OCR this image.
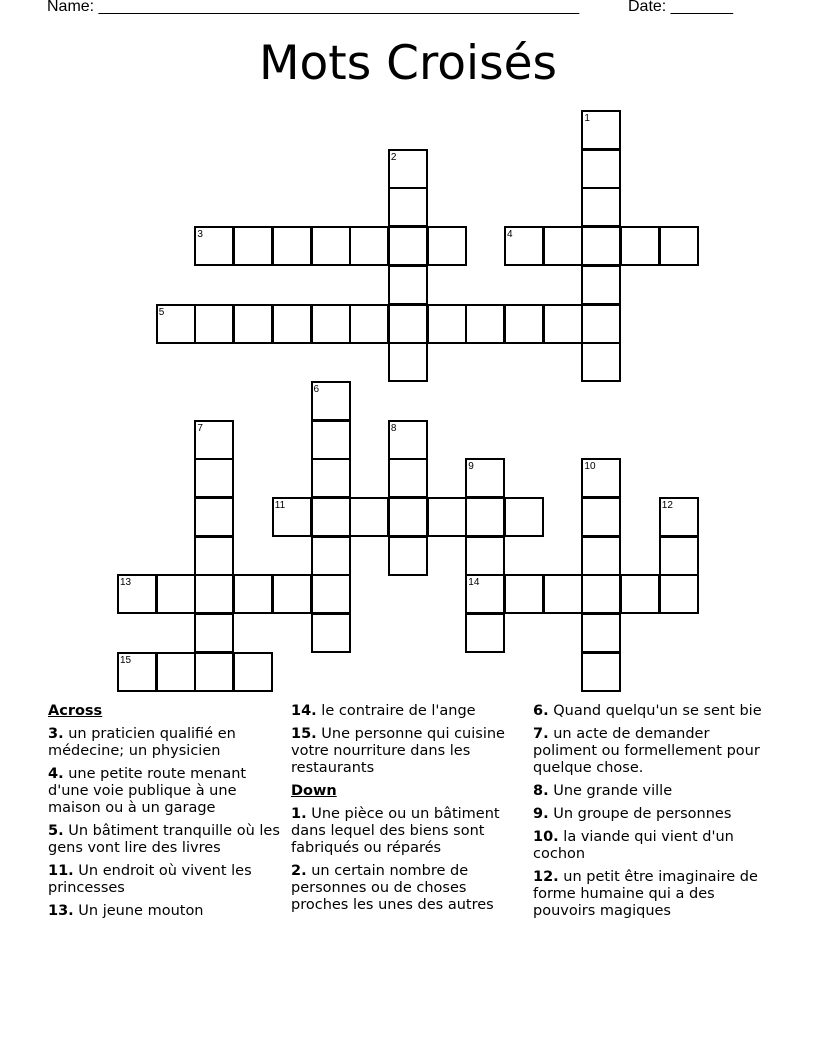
Name: ______________________________________________________	Date: _______
Mots Croisés
1
2
3	4
5
6
7	8
9	10
11	12
13	14
15
Across
3. un praticien qualifié en médecine; un physicien
4. une petite route menant d'une voie publique à une maison ou à un garage
5. Un bâtiment tranquille où les gens vont lire des livres
11. Un endroit où vivent les princesses
13. Un jeune mouton
14. le contraire de l'ange
15. Une personne qui cuisine votre nourriture dans les restaurants
Down
1. Une pièce ou un bâtiment dans lequel des biens sont fabriqués ou réparés
2. un certain nombre de personnes ou de choses proches les unes des autres
6. Quand quelqu'un se sent bie
7. un acte de demander poliment ou formellement pour quelque chose.
8. Une grande ville
9. Un groupe de personnes
10. la viande qui vient d'un cochon
12. un petit être imaginaire de forme humaine qui a des pouvoirs magiques
